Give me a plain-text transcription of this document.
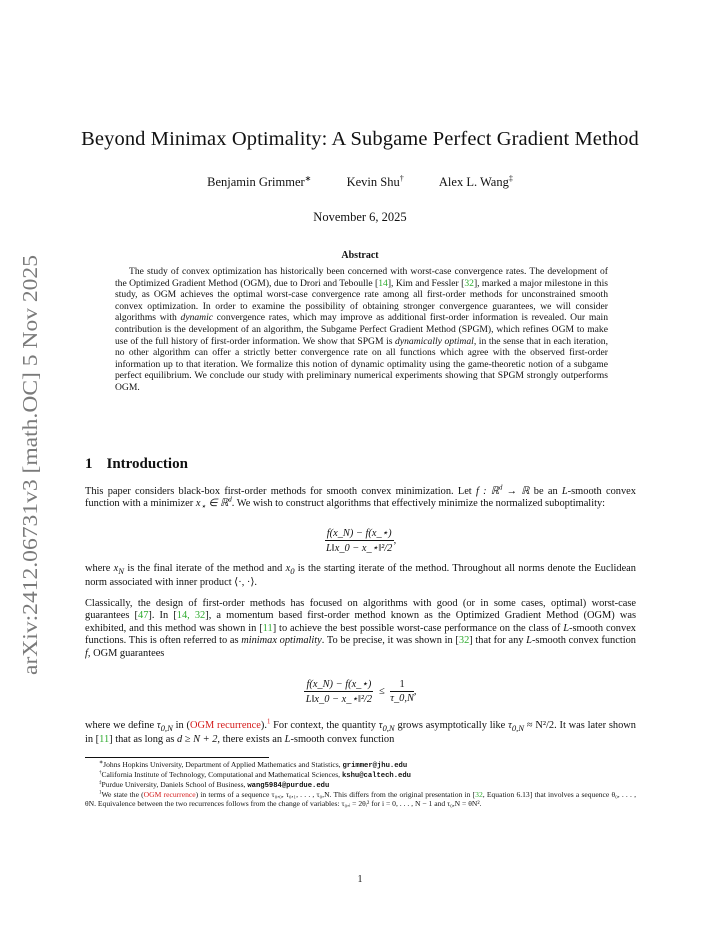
arXiv:2412.06731v3 [math.OC] 5 Nov 2025
Beyond Minimax Optimality: A Subgame Perfect Gradient Method
Benjamin Grimmer∗	Kevin Shu†	Alex L. Wang‡
November 6, 2025
Abstract
The study of convex optimization has historically been concerned with worst-case convergence rates. The development of the Optimized Gradient Method (OGM), due to Drori and Teboulle [14], Kim and Fessler [32], marked a major milestone in this study, as OGM achieves the optimal worst-case convergence rate among all first-order methods for unconstrained smooth convex optimization. In order to examine the possibility of obtaining stronger convergence guarantees, we will consider algorithms with dynamic convergence rates, which may improve as additional first-order information is revealed. Our main contribution is the development of an algorithm, the Subgame Perfect Gradient Method (SPGM), which refines OGM to make use of the full history of first-order information. We show that SPGM is dynamically optimal, in the sense that in each iteration, no other algorithm can offer a strictly better convergence rate on all functions which agree with the observed first-order information up to that iteration. We formalize this notion of dynamic optimality using the game-theoretic notion of a subgame perfect equilibrium. We conclude our study with preliminary numerical experiments showing that SPGM strongly outperforms OGM.
1 Introduction
This paper considers black-box first-order methods for smooth convex minimization. Let f : ℝ$^d$ → ℝ be an L-smooth convex function with a minimizer $x_⋆$ ∈ ℝ$^d$. We wish to construct algorithms that effectively minimize the normalized suboptimality:
$\frac{f(x\_N) - f(x\_⋆)}{\text{L‖x\_0 − x\_⋆‖²/2}}$ ,
where $x_N$ is the final iterate of the method and $x_0$ is the starting iterate of the method. Throughout all norms denote the Euclidean norm associated with inner product ⟨·, ·⟩.
Classically, the design of first-order methods has focused on algorithms with good (or in some cases, optimal) worst-case guarantees [47]. In [14, 32], a momentum based first-order method known as the Optimized Gradient Method (OGM) was exhibited, and this method was shown in [11] to achieve the best possible worst-case performance on the class of L-smooth convex functions. This is often referred to as minimax optimality. To be precise, it was shown in [32] that for any L-smooth convex function f, OGM guarantees
$\frac{f(x\_N) - f(x\_⋆)}{\text{L‖x\_0 − x\_⋆‖²/2}} \le \frac{1}{\tau\_0,N}$ ,
where we define $\tau_{0,N}$ in (OGM recurrence).$^1$ For context, the quantity $\tau_{0,N}$ grows asymptotically like $\tau_{0,N} \approx N^2/2$. It was later shown in [11] that as long as d ≥ N + 2, there exists an L-smooth convex function
∗Johns Hopkins University, Department of Applied Mathematics and Statistics, grimmer@jhu.edu
†California Institute of Technology, Computational and Mathematical Sciences, kshu@caltech.edu
‡Purdue University, Daniels School of Business, wang5984@purdue.edu
$^1$We state the (OGM recurrence) in terms of a sequence τ₀,₀, τ₀,₁, . . . , τ₀,N. This differs from the original presentation in [32, Equation 6.13] that involves a sequence θ₀, . . . , θN. Equivalence between the two recurrences follows from the change of variables: τ₀,ᵢ = 2θᵢ² for i = 0, . . . , N − 1 and τ₀,N = θN².
1
